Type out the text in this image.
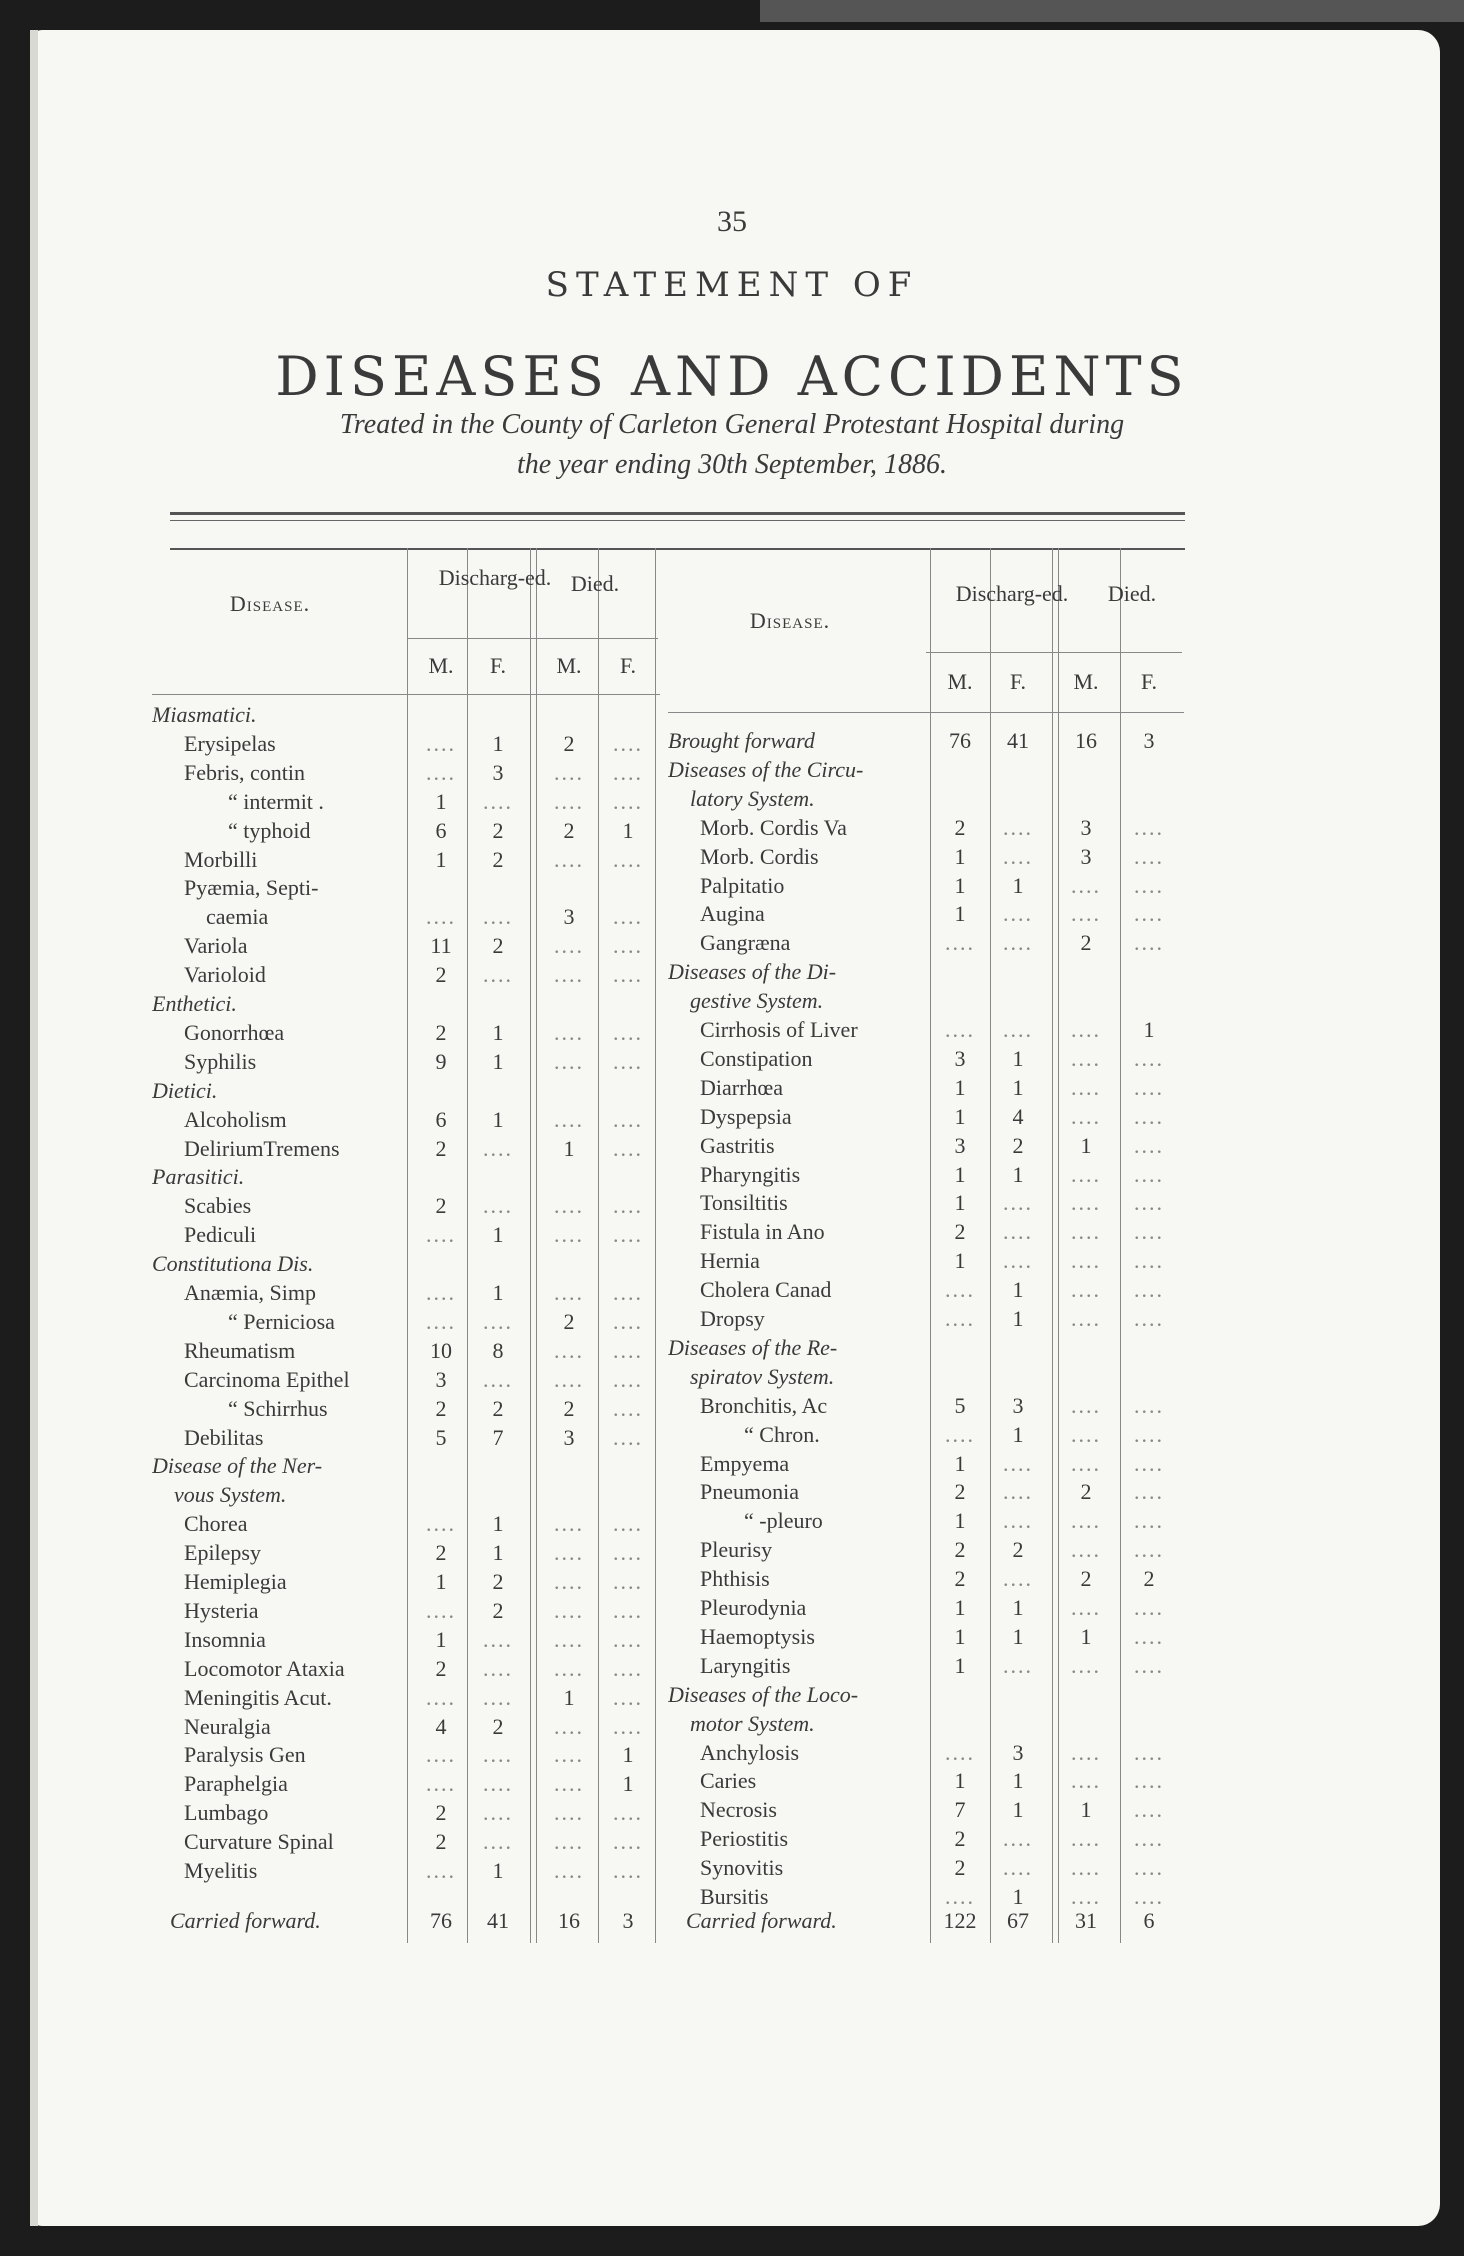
35
STATEMENT OF
DISEASES AND ACCIDENTS
Treated in the County of Carleton General Protestant Hospital during
the year ending 30th September, 1886.
Disease.
Discharg-ed. Died.
M.	F.	M.	F.
Miasmatici.
Erysipelas	....	1	2	....
Febris, contin	....	3	....	....
“ intermit .	1	....	....	....
“ typhoid	6	2	2	1
Morbilli	1	2	....	....
Pyæmia, Septi-
caemia	....	....	3	....
Variola	11	2	....	....
Varioloid	2	....	....	....
Enthetici.
Gonorrhœa	2	1	....	....
Syphilis	9	1	....	....
Dietici.
Alcoholism	6	1	....	....
DeliriumTremens	2	....	1	....
Parasitici.
Scabies	2	....	....	....
Pediculi	....	1	....	....
Constitutiona Dis.
Anæmia, Simp	....	1	....	....
“ Perniciosa	....	....	2	....
Rheumatism	10	8	....	....
Carcinoma Epithel	3	....	....	....
“ Schirrhus	2	2	2	....
Debilitas	5	7	3	....
Disease of the Ner-
vous System.
Chorea	....	1	....	....
Epilepsy	2	1	....	....
Hemiplegia	1	2	....	....
Hysteria	....	2	....	....
Insomnia	1	....	....	....
Locomotor Ataxia	2	....	....	....
Meningitis Acut.	....	....	1	....
Neuralgia	4	2	....	....
Paralysis Gen	....	....	....	1
Paraphelgia	....	....	....	1
Lumbago	2	....	....	....
Curvature Spinal	2	....	....	....
Myelitis	....	1	....	....
Carried forward.	76	41	16	3
Disease.
Discharg-ed.	Died.
M.	F.	M.	F.
Brought forward	76	41	16	3
Diseases of the Circu-
latory System.
Morb. Cordis Va	2	....	3	....
Morb. Cordis	1	....	3	....
Palpitatio	1	1	....	....
Augina	1	....	....	....
Gangræna	....	....	2	....
Diseases of the Di-
gestive System.
Cirrhosis of Liver	....	....	....	1
Constipation	3	1	....	....
Diarrhœa	1	1	....	....
Dyspepsia	1	4	....	....
Gastritis	3	2	1	....
Pharyngitis	1	1	....	....
Tonsiltitis	1	....	....	....
Fistula in Ano	2	....	....	....
Hernia	1	....	....	....
Cholera Canad	....	1	....	....
Dropsy	....	1	....	....
Diseases of the Re-
spiratov System.
Bronchitis, Ac	5	3	....	....
“ Chron.	....	1	....	....
Empyema	1	....	....	....
Pneumonia	2	....	2	....
“ -pleuro	1	....	....	....
Pleurisy	2	2	....	....
Phthisis	2	....	2	2
Pleurodynia	1	1	....	....
Haemoptysis	1	1	1	....
Laryngitis	1	....	....	....
Diseases of the Loco-
motor System.
Anchylosis	....	3	....	....
Caries	1	1	....	....
Necrosis	7	1	1	....
Periostitis	2	....	....	....
Synovitis	2	....	....	....
Bursitis	....	1	....	....
Carried forward.	122	67	31	6
